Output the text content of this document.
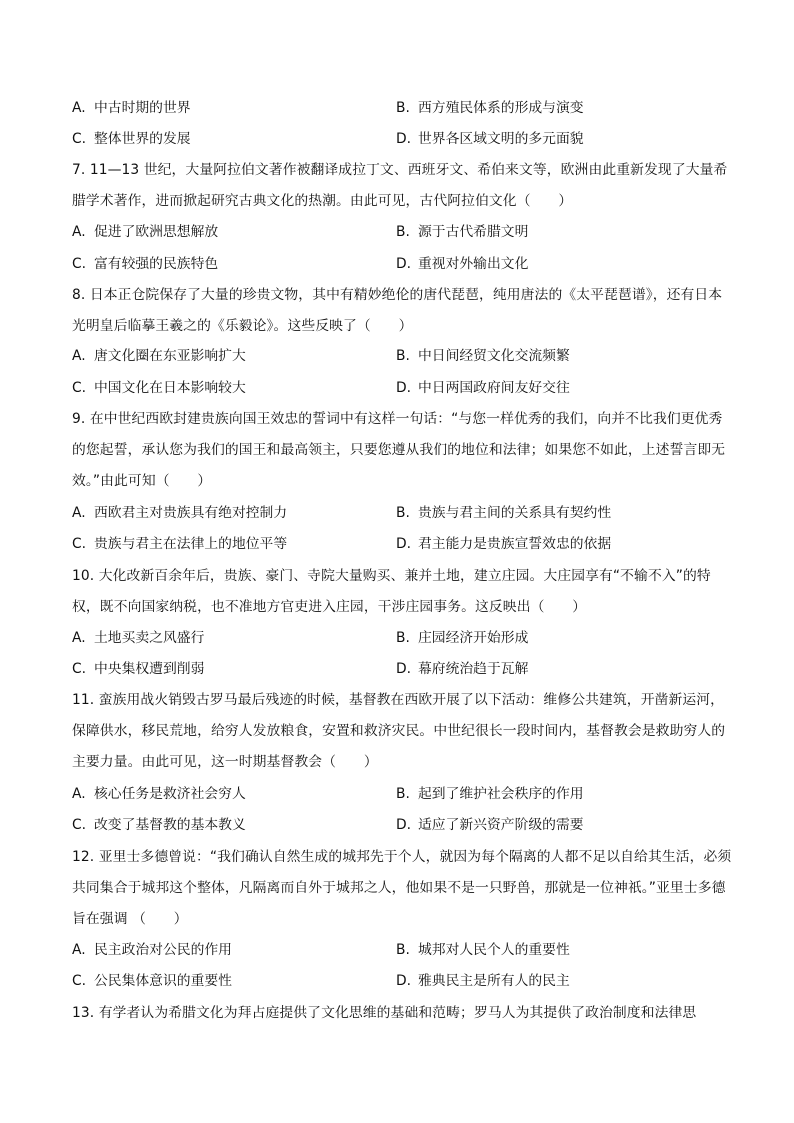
A. 中古时期的世界	B. 西方殖民体系的形成与演变
C. 整体世界的发展	D. 世界各区域文明的多元面貌

7. 11—13 世纪，大量阿拉伯文著作被翻译成拉丁文、西班牙文、希伯来文等，欧洲由此重新发现了大量希腊学术著作，进而掀起研究古典文化的热潮。由此可见，古代阿拉伯文化（　　）

A. 促进了欧洲思想解放	B. 源于古代希腊文明
C. 富有较强的民族特色	D. 重视对外输出文化

8. 日本正仓院保存了大量的珍贵文物，其中有精妙绝伦的唐代琵琶，纯用唐法的《太平琵琶谱》，还有日本光明皇后临摹王羲之的《乐毅论》。这些反映了（　　）

A. 唐文化圈在东亚影响扩大	B. 中日间经贸文化交流频繁
C. 中国文化在日本影响较大	D. 中日两国政府间友好交往

9. 在中世纪西欧封建贵族向国王效忠的誓词中有这样一句话：“与您一样优秀的我们，向并不比我们更优秀的您起誓，承认您为我们的国王和最高领主，只要您遵从我们的地位和法律；如果您不如此，上述誓言即无效。”由此可知（　　）

A. 西欧君主对贵族具有绝对控制力	B. 贵族与君主间的关系具有契约性
C. 贵族与君主在法律上的地位平等	D. 君主能力是贵族宣誓效忠的依据

10. 大化改新百余年后，贵族、豪门、寺院大量购买、兼并土地，建立庄园。大庄园享有“不输不入”的特权，既不向国家纳税，也不准地方官吏进入庄园，干涉庄园事务。这反映出（　　）

A. 土地买卖之风盛行	B. 庄园经济开始形成
C. 中央集权遭到削弱	D. 幕府统治趋于瓦解

11. 蛮族用战火销毁古罗马最后残迹的时候，基督教在西欧开展了以下活动：维修公共建筑，开凿新运河，保障供水，移民荒地，给穷人发放粮食，安置和救济灾民。中世纪很长一段时间内，基督教会是救助穷人的主要力量。由此可见，这一时期基督教会（　　）

A. 核心任务是救济社会穷人	B. 起到了维护社会秩序的作用
C. 改变了基督教的基本教义	D. 适应了新兴资产阶级的需要

12. 亚里士多德曾说：“我们确认自然生成的城邦先于个人，就因为每个隔离的人都不足以自给其生活，必须共同集合于城邦这个整体，凡隔离而自外于城邦之人，他如果不是一只野兽，那就是一位神祇。”亚里士多德旨在强调 （　　）

A. 民主政治对公民的作用	B. 城邦对人民个人的重要性
C. 公民集体意识的重要性	D. 雅典民主是所有人的民主

13. 有学者认为希腊文化为拜占庭提供了文化思维的基础和范畴；罗马人为其提供了政治制度和法律思
